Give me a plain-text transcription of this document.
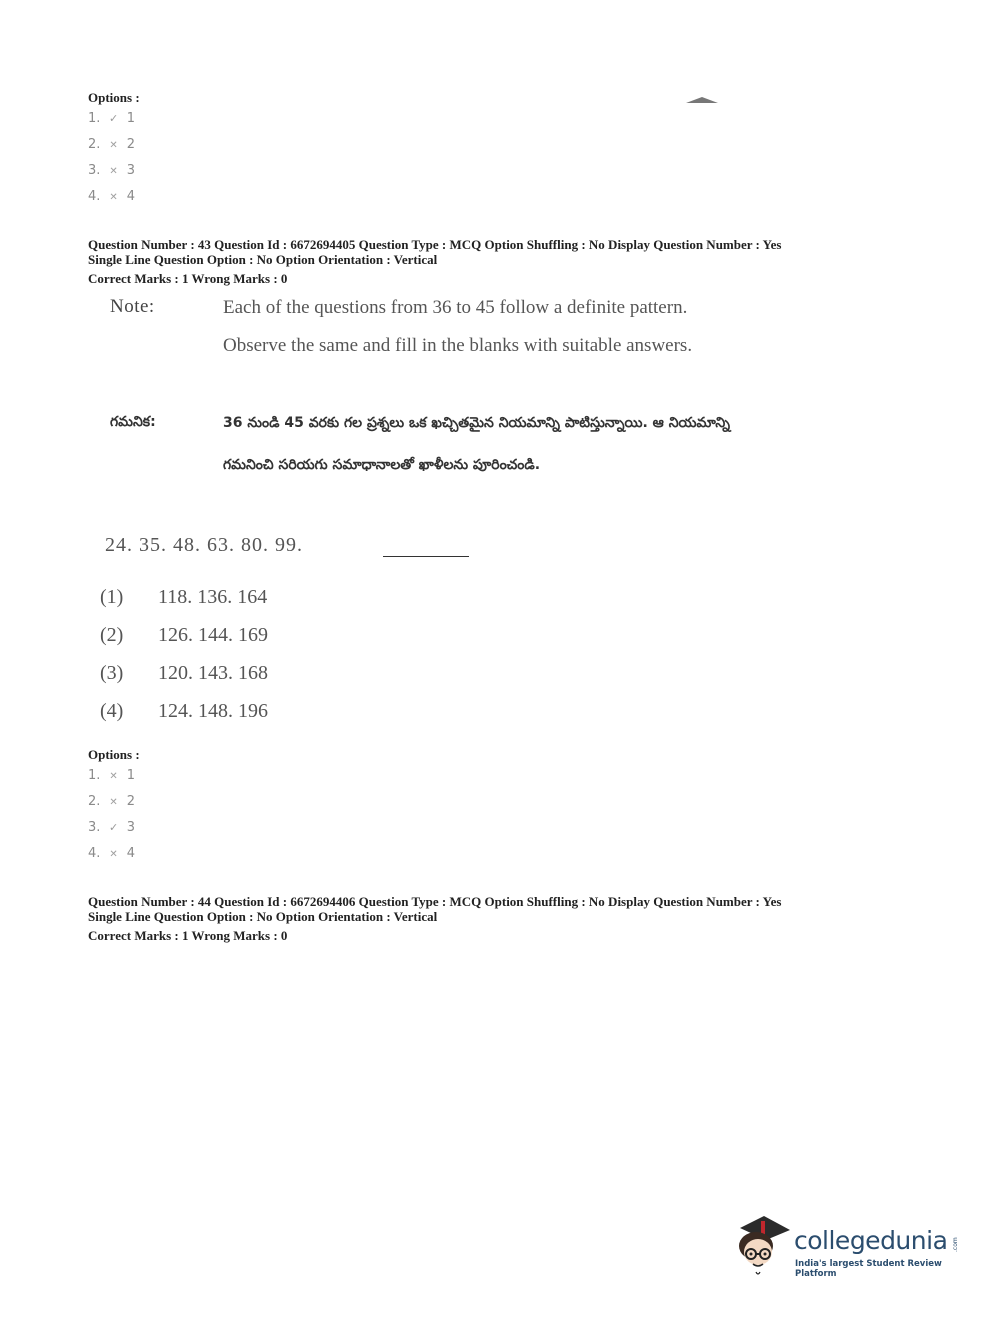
Options :
1. ✓ 1
2. ✕ 2
3. ✕ 3
4. ✕ 4
Question Number : 43 Question Id : 6672694405 Question Type : MCQ Option Shuffling : No Display Question Number : Yes
Single Line Question Option : No Option Orientation : Vertical
Correct Marks : 1 Wrong Marks : 0
Note:	Each of the questions from 36 to 45 follow a definite pattern.
Observe the same and fill in the blanks with suitable answers.
గమనిక:	36 నుండి 45 వరకు గల ప్రశ్నలు ఒక ఖచ్చితమైన నియమాన్ని పాటిస్తున్నాయి. ఆ నియమాన్ని
గమనించి సరియగు సమాధానాలతో ఖాళీలను పూరించండి.
24. 35. 48. 63. 80. 99.
(1) 118. 136. 164
(2) 126. 144. 169
(3) 120. 143. 168
(4) 124. 148. 196
Options :
1. ✕ 1
2. ✕ 2
3. ✓ 3
4. ✕ 4
Question Number : 44 Question Id : 6672694406 Question Type : MCQ Option Shuffling : No Display Question Number : Yes
Single Line Question Option : No Option Orientation : Vertical
Correct Marks : 1 Wrong Marks : 0
collegedunia .com
India's largest Student Review Platform
